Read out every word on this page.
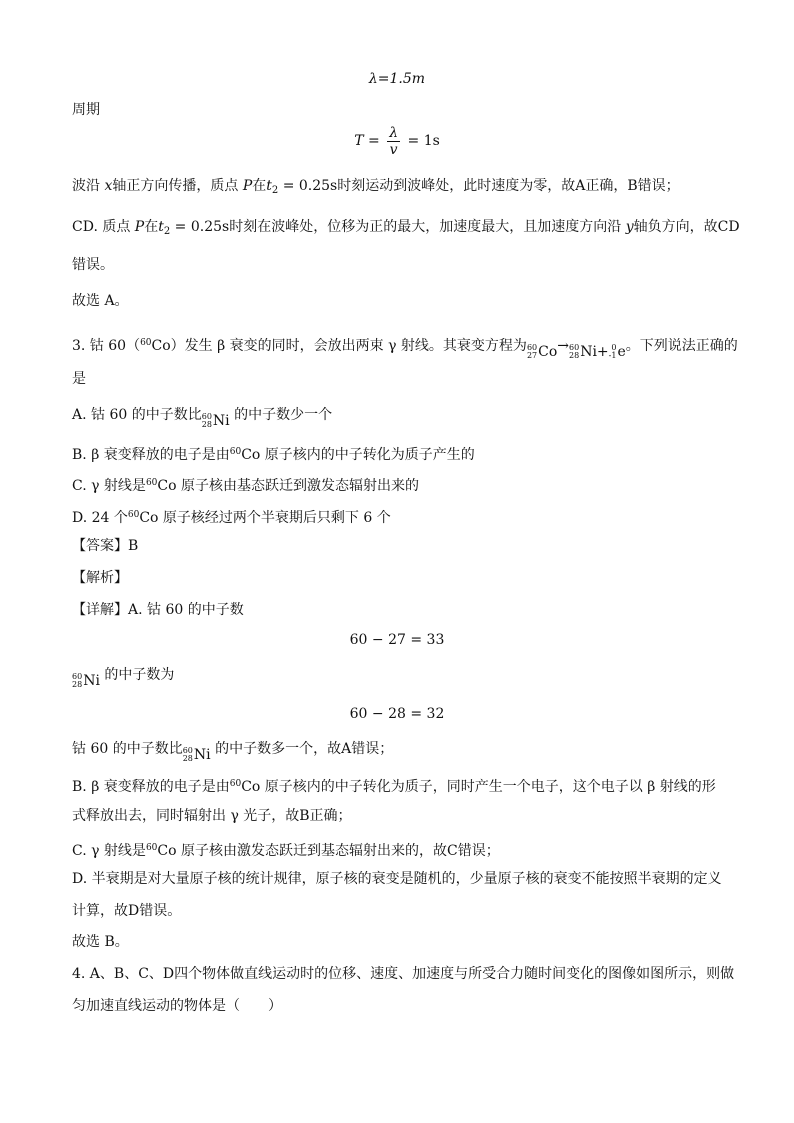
λ=1.5m
周期
$T = \frac{\lambda}{v} = 1s$
波沿 x轴正方向传播，质点 P在$t_2 = 0.25s$时刻运动到波峰处，此时速度为零，故A正确，B错误；
CD. 质点 P在$t_2 = 0.25s$时刻在波峰处，位移为正的最大，加速度最大，且加速度方向沿 y轴负方向，故CD
错误。
故选 A。
3. 钴 60（$^{60}$Co）发生 β 衰变的同时，会放出两束 γ 射线。其衰变方程为 60
27 Co → 60
28 Ni+ 0
-1 e 。下列说法正确的
是
A. 钴 60 的中子数比 60
28 Ni 的中子数少一个
B. β 衰变释放的电子是由$^{60}$Co 原子核内的中子转化为质子产生的
C. γ 射线是$^{60}$Co 原子核由基态跃迁到激发态辐射出来的
D. 24 个$^{60}$Co 原子核经过两个半衰期后只剩下 6 个
【答案】B
【解析】
【详解】A. 钴 60 的中子数
60 − 27 = 33
60
28 Ni 的中子数为
60 − 28 = 32
钴 60 的中子数比 60
28 Ni 的中子数多一个，故A错误；
B. β 衰变释放的电子是由$^{60}$Co 原子核内的中子转化为质子，同时产生一个电子，这个电子以 β 射线的形
式释放出去，同时辐射出 γ 光子，故B正确；
C. γ 射线是$^{60}$Co 原子核由激发态跃迁到基态辐射出来的，故C错误；
D. 半衰期是对大量原子核的统计规律，原子核的衰变是随机的，少量原子核的衰变不能按照半衰期的定义
计算，故D错误。
故选 B。
4. A、B、C、D四个物体做直线运动时的位移、速度、加速度与所受合力随时间变化的图像如图所示，则做
匀加速直线运动的物体是（　　）
